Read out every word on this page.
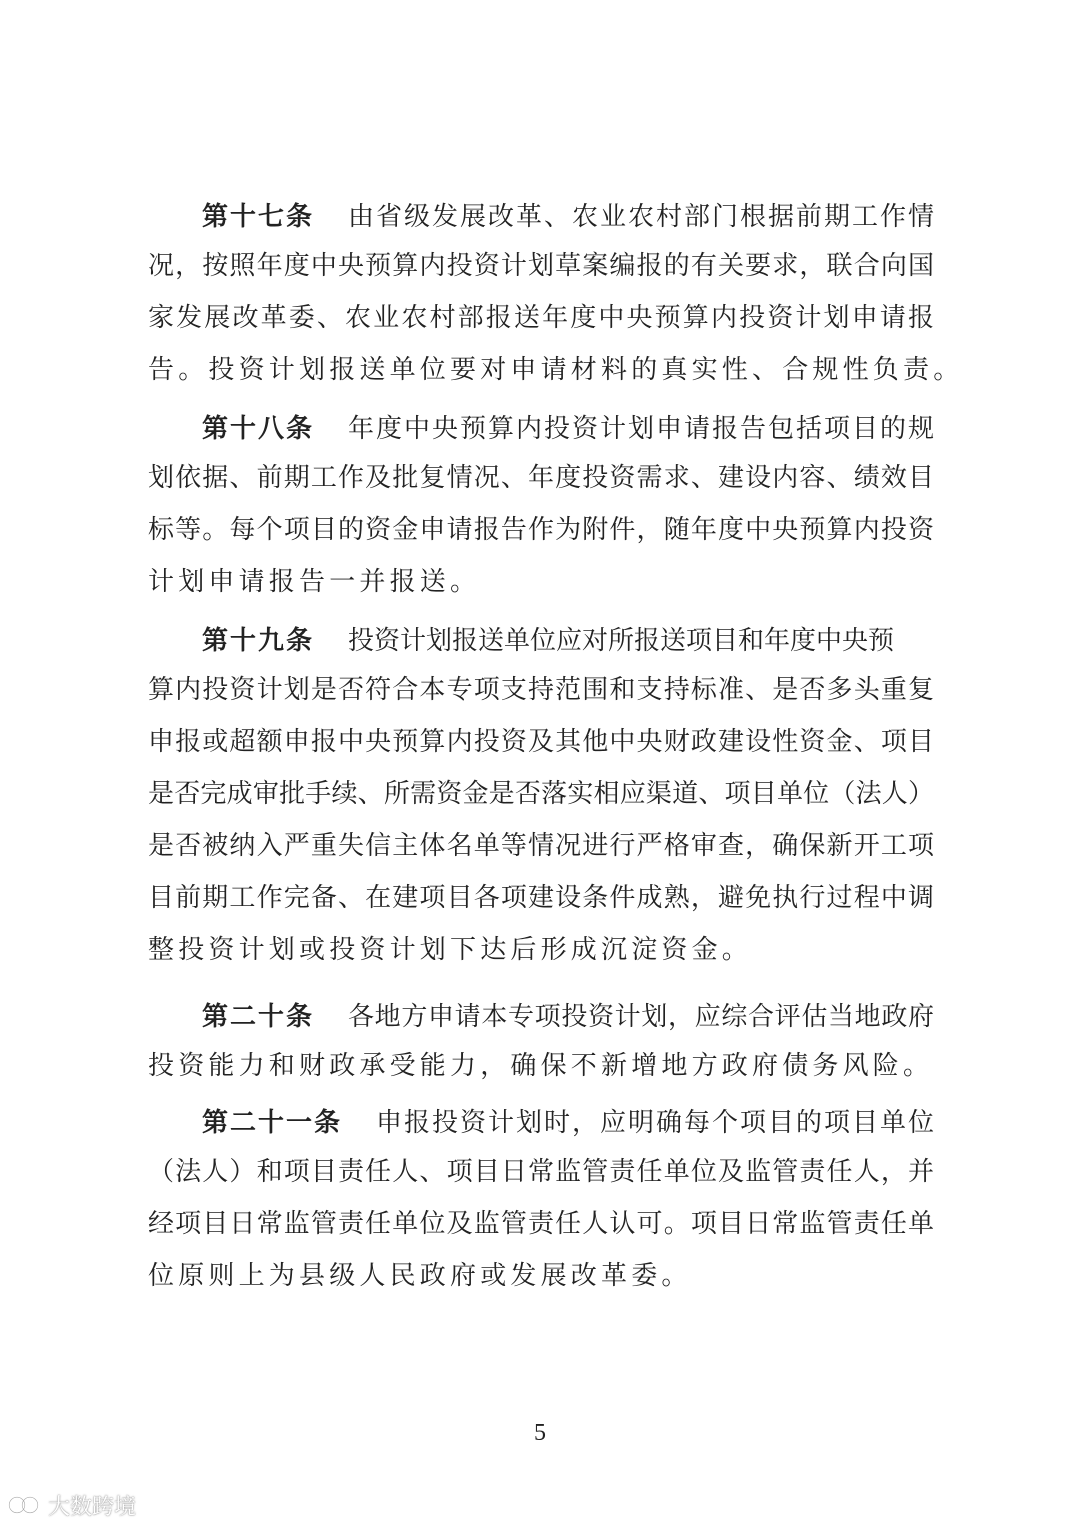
第十七条 由省级发展改革、农业农村部门根据前期工作情
况，按照年度中央预算内投资计划草案编报的有关要求，联合向国
家发展改革委、农业农村部报送年度中央预算内投资计划申请报
告。投资计划报送单位要对申请材料的真实性、合规性负责。
第十八条 年度中央预算内投资计划申请报告包括项目的规
划依据、前期工作及批复情况、年度投资需求、建设内容、绩效目
标等。每个项目的资金申请报告作为附件，随年度中央预算内投资
计划申请报告一并报送。
第十九条 投资计划报送单位应对所报送项目和年度中央预
算内投资计划是否符合本专项支持范围和支持标准、是否多头重复
申报或超额申报中央预算内投资及其他中央财政建设性资金、项目
是否完成审批手续、所需资金是否落实相应渠道、项目单位（法人）
是否被纳入严重失信主体名单等情况进行严格审查，确保新开工项
目前期工作完备、在建项目各项建设条件成熟，避免执行过程中调
整投资计划或投资计划下达后形成沉淀资金。
第二十条 各地方申请本专项投资计划，应综合评估当地政府
投资能力和财政承受能力，确保不新增地方政府债务风险。
第二十一条 申报投资计划时，应明确每个项目的项目单位
（法人）和项目责任人、项目日常监管责任单位及监管责任人，并
经项目日常监管责任单位及监管责任人认可。项目日常监管责任单
位原则上为县级人民政府或发展改革委。
5
大数跨境
